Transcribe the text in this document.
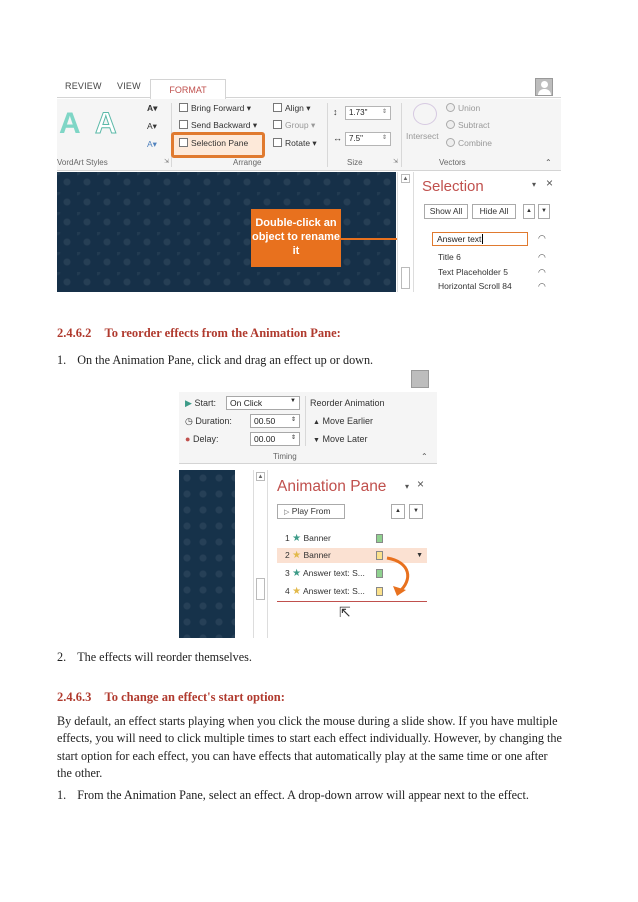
REVIEW VIEW	FORMAT
A A	A▾
A▾
A▾
VordArt Styles	⇲
Bring Forward ▾
Send Backward ▾
Selection Pane
Align ▾
Group ▾
Rotate ▾
Arrange
↕	1.73" ⇕
↔ 7.5"	⇕
Size	⇲
Intersect
Union
Subtract
Combine
Vectors	⌃
Double-click an object to rename it
▲ Selection	▾ ×
Show All	Hide All	▲	▼
Answer text	◠
Title 6	◠
Text Placeholder 5	◠
Horizontal Scroll 84	◠
2.4.6.2 To reorder effects from the Animation Pane:
1. On the Animation Pane, click and drag an effect up or down.
▶ Start:	On Click	▼
◷ Duration:	00.50	⇕
● Delay:	00.00	⇕
Reorder Animation
▲ Move Earlier
▼ Move Later
Timing	⌃
▲
Animation Pane ▾ ×
▷ Play From	▲	▼
1 ★ Banner
2 ★ Banner	▼
3 ★ Answer text: S...
4 ★ Answer text: S...
⇱
2. The effects will reorder themselves.
2.4.6.3 To change an effect's start option:
By default, an effect starts playing when you click the mouse during a slide show. If you have multiple effects, you will need to click multiple times to start each effect individually. However, by changing the start option for each effect, you can have effects that automatically play at the same time or one after the other.
1. From the Animation Pane, select an effect. A drop-down arrow will appear next to the effect.
